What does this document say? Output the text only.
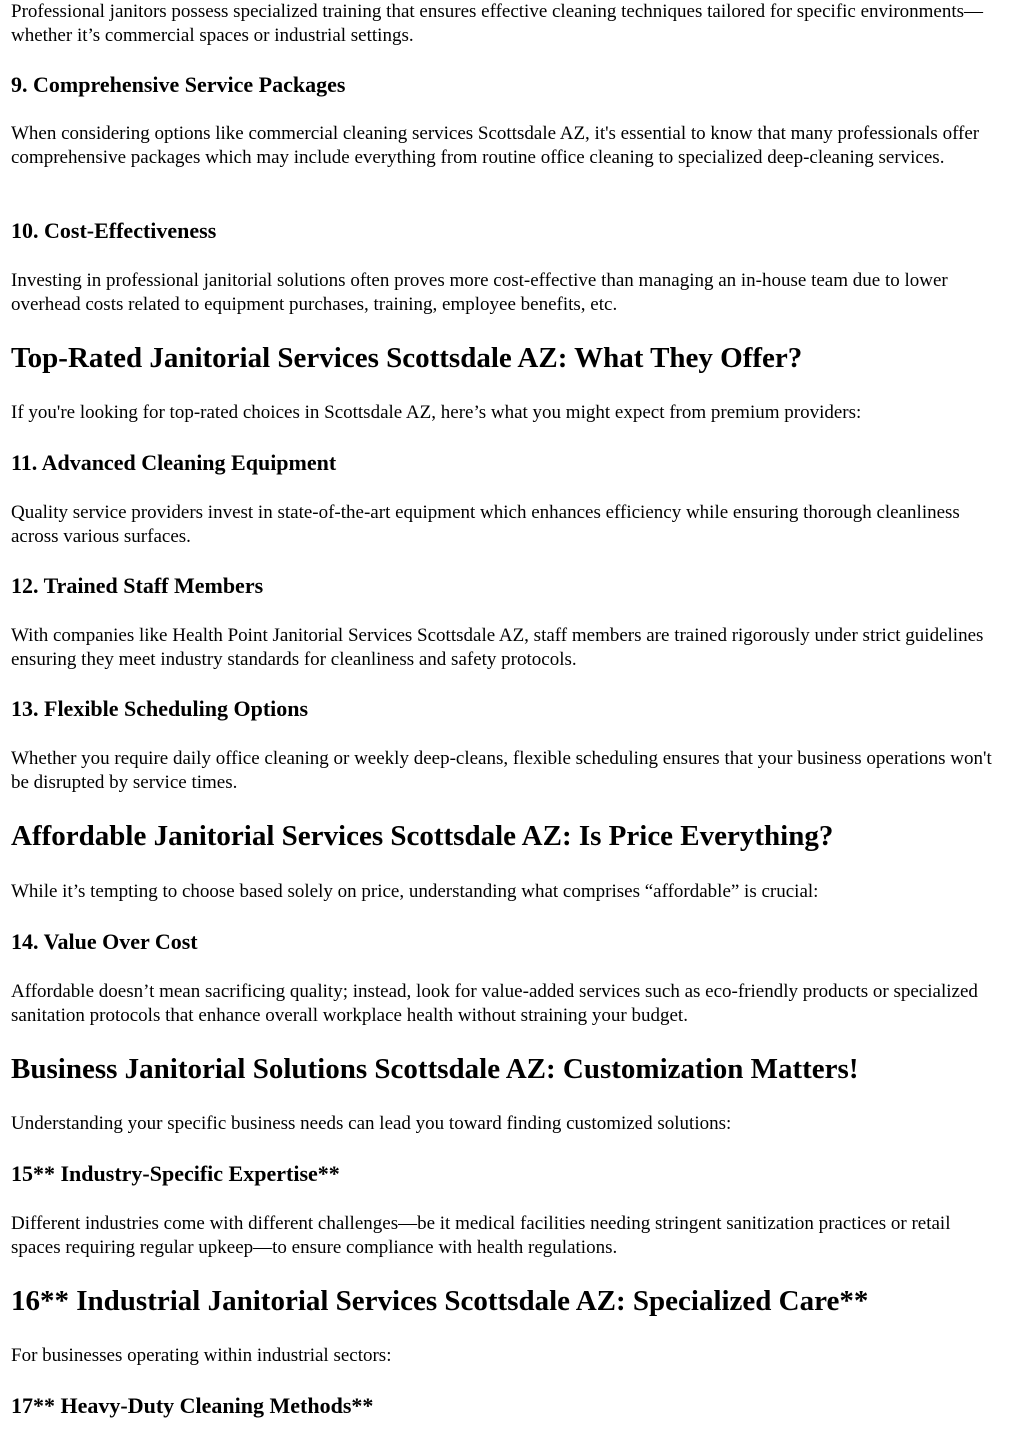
Professional janitors possess specialized training that ensures effective cleaning techniques tailored for specific environments—whether it’s commercial spaces or industrial settings.

9. Comprehensive Service Packages

When considering options like commercial cleaning services Scottsdale AZ, it's essential to know that many professionals offer comprehensive packages which may include everything from routine office cleaning to specialized deep-cleaning services.

10. Cost-Effectiveness

Investing in professional janitorial solutions often proves more cost-effective than managing an in-house team due to lower overhead costs related to equipment purchases, training, employee benefits, etc.

Top-Rated Janitorial Services Scottsdale AZ: What They Offer?

If you're looking for top-rated choices in Scottsdale AZ, here’s what you might expect from premium providers:

11. Advanced Cleaning Equipment

Quality service providers invest in state-of-the-art equipment which enhances efficiency while ensuring thorough cleanliness across various surfaces.

12. Trained Staff Members

With companies like Health Point Janitorial Services Scottsdale AZ, staff members are trained rigorously under strict guidelines ensuring they meet industry standards for cleanliness and safety protocols.

13. Flexible Scheduling Options

Whether you require daily office cleaning or weekly deep-cleans, flexible scheduling ensures that your business operations won't be disrupted by service times.

Affordable Janitorial Services Scottsdale AZ: Is Price Everything?

While it’s tempting to choose based solely on price, understanding what comprises “affordable” is crucial:

14. Value Over Cost

Affordable doesn’t mean sacrificing quality; instead, look for value-added services such as eco-friendly products or specialized sanitation protocols that enhance overall workplace health without straining your budget.

Business Janitorial Solutions Scottsdale AZ: Customization Matters!

Understanding your specific business needs can lead you toward finding customized solutions:

15** Industry-Specific Expertise**

Different industries come with different challenges—be it medical facilities needing stringent sanitization practices or retail spaces requiring regular upkeep—to ensure compliance with health regulations.

16** Industrial Janitorial Services Scottsdale AZ: Specialized Care**

For businesses operating within industrial sectors:

17** Heavy-Duty Cleaning Methods**
